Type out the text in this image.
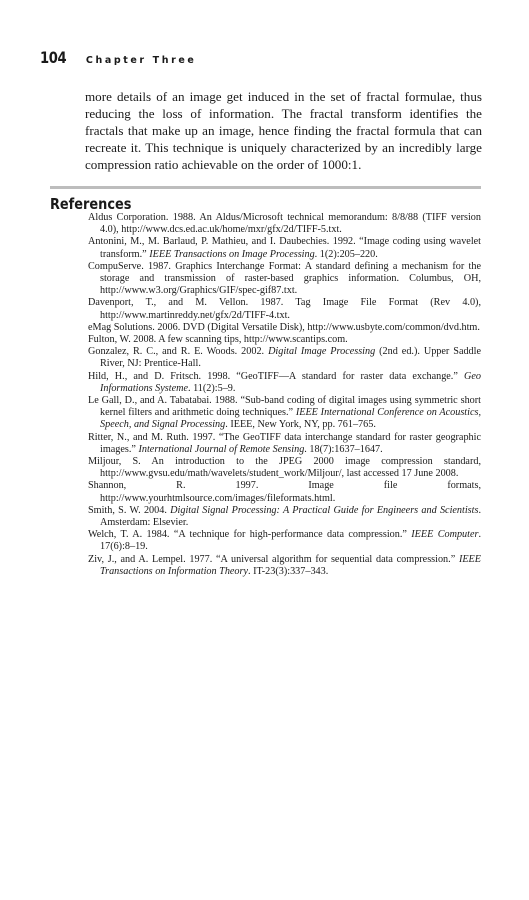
104 Chapter Three

more details of an image get induced in the set of fractal formulae, thus reducing the loss of information. The fractal transform identifies the fractals that make up an image, hence finding the fractal formula that can recreate it. This technique is uniquely characterized by an incredibly large compression ratio achievable on the order of 1000:1.

References
Aldus Corporation. 1988. An Aldus/Microsoft technical memorandum: 8/8/88 (TIFF version 4.0), http://www.dcs.ed.ac.uk/home/mxr/gfx/2d/TIFF-5.txt.
Antonini, M., M. Barlaud, P. Mathieu, and I. Daubechies. 1992. “Image coding using wavelet transform.” IEEE Transactions on Image Processing. 1(2):205–220.
CompuServe. 1987. Graphics Interchange Format: A standard defining a mechanism for the storage and transmission of raster-based graphics information. Columbus, OH, http://www.w3.org/Graphics/GIF/spec-gif87.txt.
Davenport, T., and M. Vellon. 1987. Tag Image File Format (Rev 4.0), http://www.martinreddy.net/gfx/2d/TIFF-4.txt.
eMag Solutions. 2006. DVD (Digital Versatile Disk), http://www.usbyte.com/common/dvd.htm.
Fulton, W. 2008. A few scanning tips, http://www.scantips.com.
Gonzalez, R. C., and R. E. Woods. 2002. Digital Image Processing (2nd ed.). Upper Saddle River, NJ: Prentice-Hall.
Hild, H., and D. Fritsch. 1998. “GeoTIFF—A standard for raster data exchange.” Geo Informations Systeme. 11(2):5–9.
Le Gall, D., and A. Tabatabai. 1988. “Sub-band coding of digital images using symmetric short kernel filters and arithmetic doing techniques.” IEEE International Conference on Acoustics, Speech, and Signal Processing. IEEE, New York, NY, pp. 761–765.
Ritter, N., and M. Ruth. 1997. “The GeoTIFF data interchange standard for raster geographic images.” International Journal of Remote Sensing. 18(7):1637–1647.
Miljour, S. An introduction to the JPEG 2000 image compression standard, http://www.gvsu.edu/math/wavelets/student_work/Miljour/, last accessed 17 June 2008.
Shannon, R. 1997. Image file formats, http://www.yourhtmlsource.com/images/fileformats.html.
Smith, S. W. 2004. Digital Signal Processing: A Practical Guide for Engineers and Scientists. Amsterdam: Elsevier.
Welch, T. A. 1984. “A technique for high-performance data compression.” IEEE Computer. 17(6):8–19.
Ziv, J., and A. Lempel. 1977. “A universal algorithm for sequential data compression.” IEEE Transactions on Information Theory. IT-23(3):337–343.
